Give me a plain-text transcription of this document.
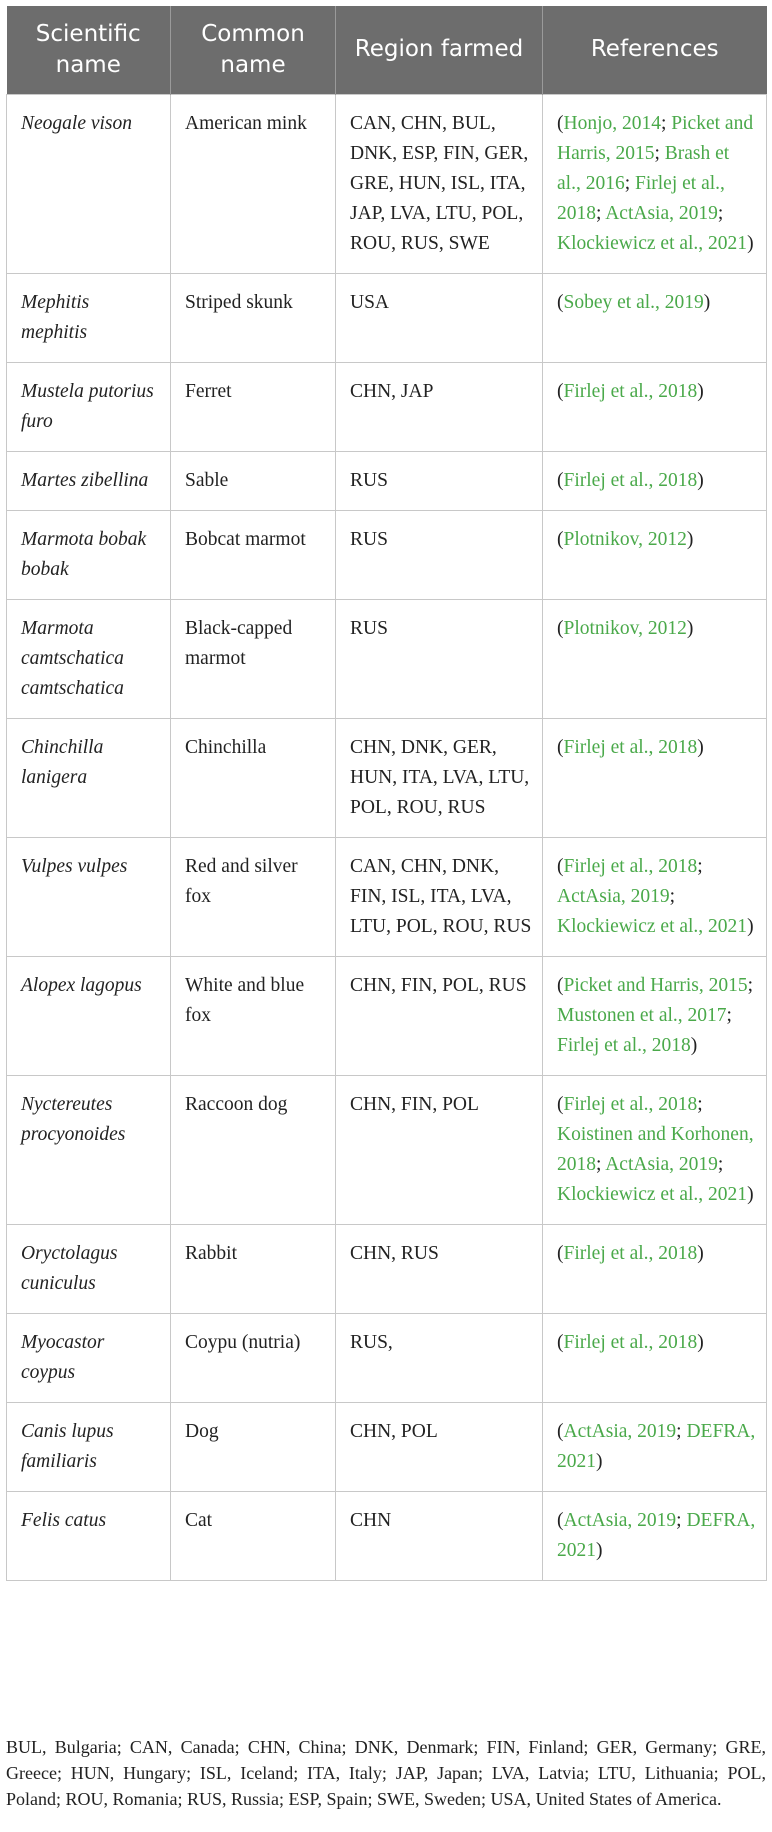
Scientific name	Common name	Region farmed	References
Neogale vison	American mink	CAN, CHN, BUL, DNK, ESP, FIN, GER, GRE, HUN, ISL, ITA, JAP, LVA, LTU, POL, ROU, RUS, SWE	(Honjo, 2014; Picket and Harris, 2015; Brash et al., 2016; Firlej et al., 2018; ActAsia, 2019; Klockiewicz et al., 2021)
Mephitis mephitis	Striped skunk	USA	(Sobey et al., 2019)
Mustela putorius furo	Ferret	CHN, JAP	(Firlej et al., 2018)
Martes zibellina	Sable	RUS	(Firlej et al., 2018)
Marmota bobak bobak	Bobcat marmot	RUS	(Plotnikov, 2012)
Marmota camtschatica camtschatica	Black-capped marmot	RUS	(Plotnikov, 2012)
Chinchilla lanigera	Chinchilla	CHN, DNK, GER, HUN, ITA, LVA, LTU, POL, ROU, RUS	(Firlej et al., 2018)
Vulpes vulpes	Red and silver fox	CAN, CHN, DNK, FIN, ISL, ITA, LVA, LTU, POL, ROU, RUS	(Firlej et al., 2018; ActAsia, 2019; Klockiewicz et al., 2021)
Alopex lagopus	White and blue fox	CHN, FIN, POL, RUS	(Picket and Harris, 2015; Mustonen et al., 2017; Firlej et al., 2018)
Nyctereutes procyonoides	Raccoon dog	CHN, FIN, POL	(Firlej et al., 2018; Koistinen and Korhonen, 2018; ActAsia, 2019; Klockiewicz et al., 2021)
Oryctolagus cuniculus	Rabbit	CHN, RUS	(Firlej et al., 2018)
Myocastor coypus	Coypu (nutria)	RUS,	(Firlej et al., 2018)
Canis lupus familiaris	Dog	CHN, POL	(ActAsia, 2019; DEFRA, 2021)
Felis catus	Cat	CHN	(ActAsia, 2019; DEFRA, 2021)
BUL, Bulgaria; CAN, Canada; CHN, China; DNK, Denmark; FIN, Finland; GER, Germany; GRE, Greece; HUN, Hungary; ISL, Iceland; ITA, Italy; JAP, Japan; LVA, Latvia; LTU, Lithuania; POL, Poland; ROU, Romania; RUS, Russia; ESP, Spain; SWE, Sweden; USA, United States of America.
